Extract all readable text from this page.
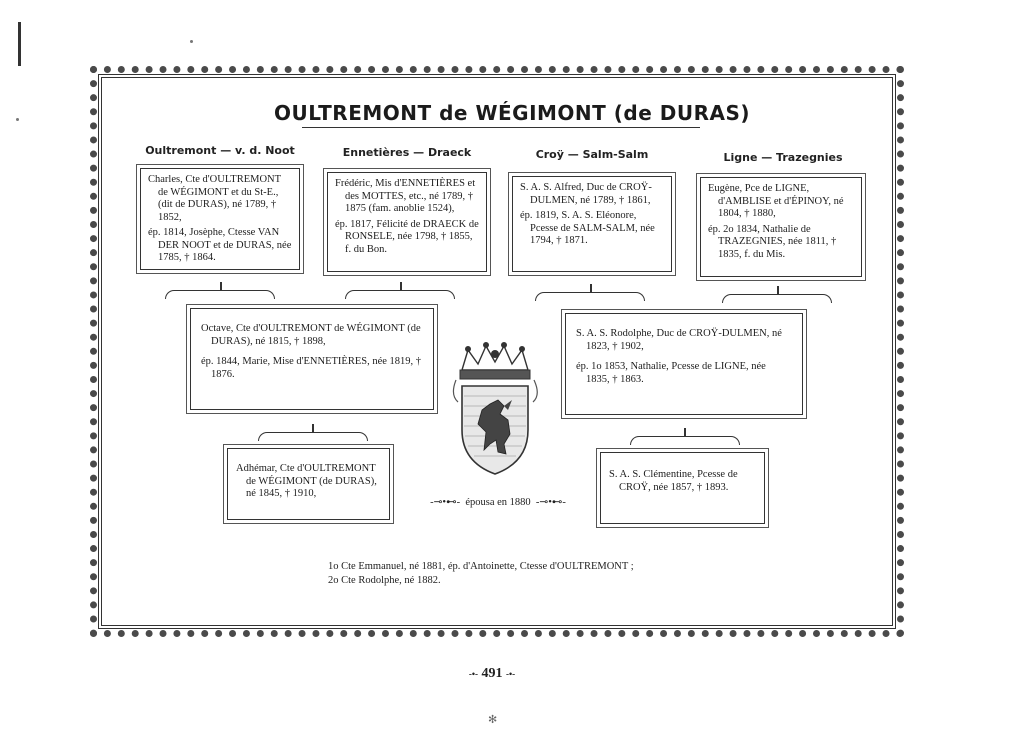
OULTREMONT de WÉGIMONT (de DURAS)
Oultremont — v. d. Noot	Ennetières — Draeck	Croÿ — Salm-Salm	Ligne — Trazegnies

Charles, Cte d'OULTREMONT de WÉGIMONT et du St-E., (dit de DURAS), né 1789, † 1852,

ép. 1814, Josèphe, Ctesse VAN DER NOOT et de DURAS, née 1785, † 1864.

Frédéric, Mis d'ENNETIÈRES et des MOTTES, etc., né 1789, † 1875 (fam. anoblie 1524),

ép. 1817, Félicité de DRAECK de RONSELE, née 1798, † 1855, f. du Bon.

S. A. S. Alfred, Duc de CROŸ-DULMEN, né 1789, † 1861,

ép. 1819, S. A. S. Eléonore, Pcesse de SALM-SALM, née 1794, † 1871.

Eugène, Pce de LIGNE, d'AMBLISE et d'ÉPINOY, né 1804, † 1880,

ép. 2o 1834, Nathalie de TRAZEGNIES, née 1811, † 1835, f. du Mis.

Octave, Cte d'OULTREMONT de WÉGIMONT (de DURAS), né 1815, † 1898,

ép. 1844, Marie, Mise d'ENNETIÈRES, née 1819, † 1876.

S. A. S. Rodolphe, Duc de CROŸ-DULMEN, né 1823, † 1902,

ép. 1o 1853, Nathalie, Pcesse de LIGNE, née 1835, † 1863.

Adhémar, Cte d'OULTREMONT de WÉGIMONT (de DURAS), né 1845, † 1910,

S. A. S. Clémentine, Pcesse de CROŸ, née 1857, † 1893.

-⊸•⊷- épousa en 1880 -⊸•⊷-
1o Cte Emmanuel, né 1881, ép. d'Antoinette, Ctesse d'OULTREMONT ;
2o Cte Rodolphe, né 1882.
-•- 491 -•-
✻
